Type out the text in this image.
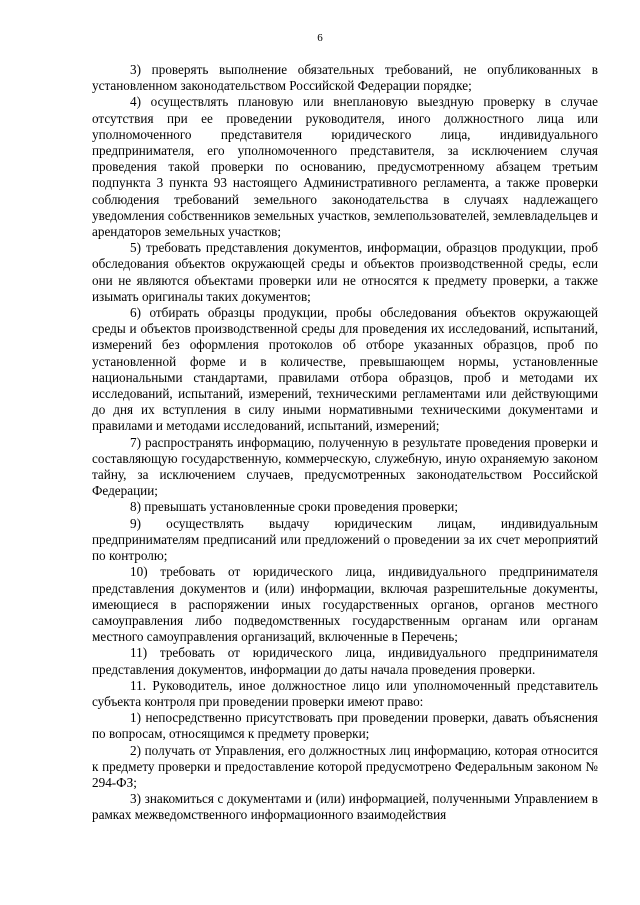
6

3) проверять выполнение обязательных требований, не опубликованных в установленном законодательством Российской Федерации порядке;

4) осуществлять плановую или внеплановую выездную проверку в случае отсутствия при ее проведении руководителя, иного должностного лица или уполномоченного представителя юридического лица, индивидуального предпринимателя, его уполномоченного представителя, за исключением случая проведения такой проверки по основанию, предусмотренному абзацем третьим подпункта 3 пункта 93 настоящего Административного регламента, а также проверки соблюдения требований земельного законодательства в случаях надлежащего уведомления собственников земельных участков, землепользователей, землевладельцев и арендаторов земельных участков;

5) требовать представления документов, информации, образцов продукции, проб обследования объектов окружающей среды и объектов производственной среды, если они не являются объектами проверки или не относятся к предмету проверки, а также изымать оригиналы таких документов;

6) отбирать образцы продукции, пробы обследования объектов окружающей среды и объектов производственной среды для проведения их исследований, испытаний, измерений без оформления протоколов об отборе указанных образцов, проб по установленной форме и в количестве, превышающем нормы, установленные национальными стандартами, правилами отбора образцов, проб и методами их исследований, испытаний, измерений, техническими регламентами или действующими до дня их вступления в силу иными нормативными техническими документами и правилами и методами исследований, испытаний, измерений;

7) распространять информацию, полученную в результате проведения проверки и составляющую государственную, коммерческую, служебную, иную охраняемую законом тайну, за исключением случаев, предусмотренных законодательством Российской Федерации;

8) превышать установленные сроки проведения проверки;

9) осуществлять выдачу юридическим лицам, индивидуальным предпринимателям предписаний или предложений о проведении за их счет мероприятий по контролю;

10) требовать от юридического лица, индивидуального предпринимателя представления документов и (или) информации, включая разрешительные документы, имеющиеся в распоряжении иных государственных органов, органов местного самоуправления либо подведомственных государственным органам или органам местного самоуправления организаций, включенные в Перечень;

11) требовать от юридического лица, индивидуального предпринимателя представления документов, информации до даты начала проведения проверки.

11. Руководитель, иное должностное лицо или уполномоченный представитель субъекта контроля при проведении проверки имеют право:

1) непосредственно присутствовать при проведении проверки, давать объяснения по вопросам, относящимся к предмету проверки;

2) получать от Управления, его должностных лиц информацию, которая относится к предмету проверки и предоставление которой предусмотрено Федеральным законом № 294-ФЗ;

3) знакомиться с документами и (или) информацией, полученными Управлением в рамках межведомственного информационного взаимодействия
